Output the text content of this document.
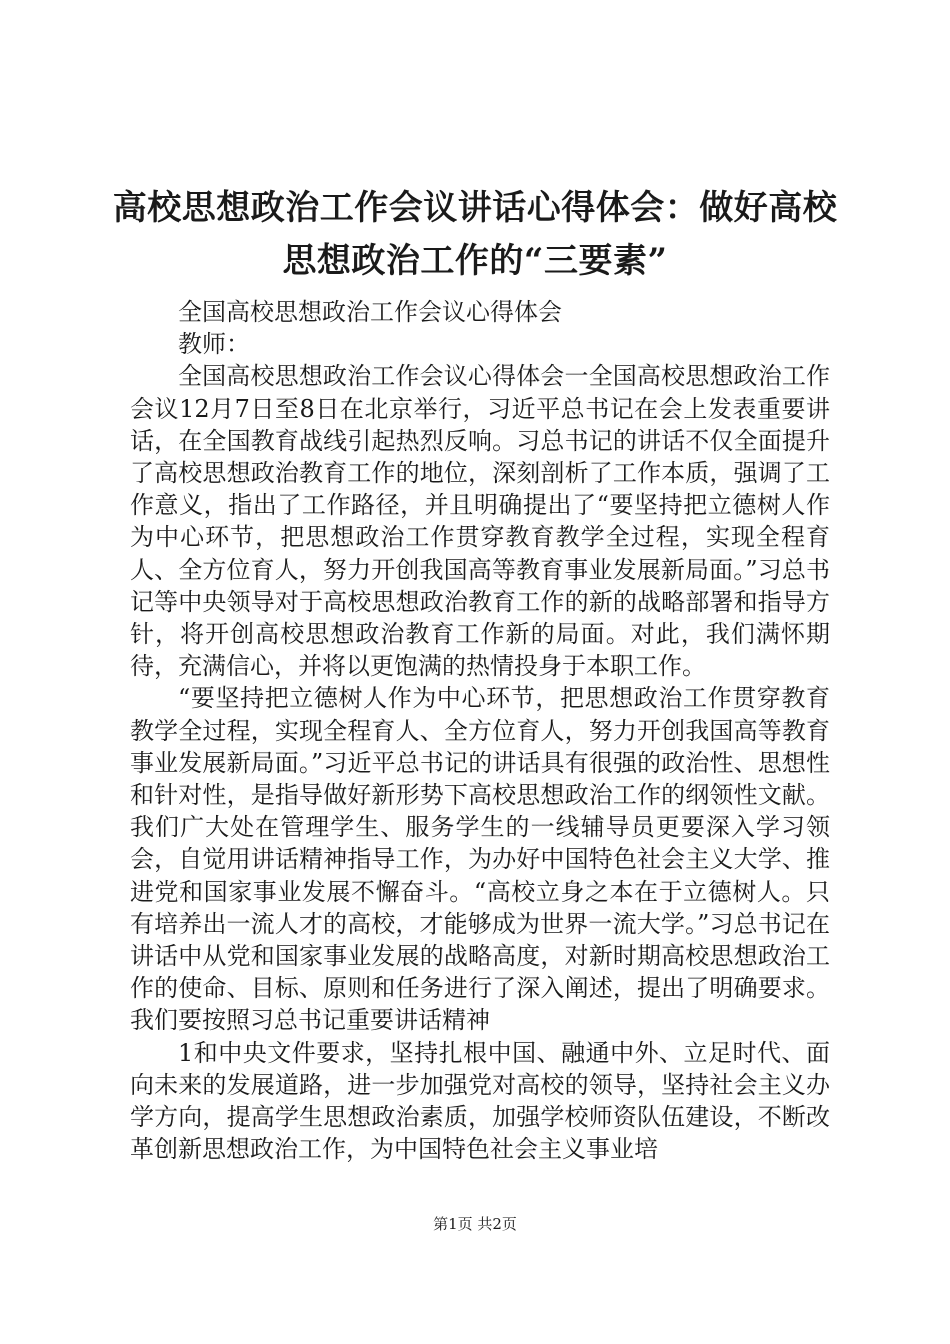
高校思想政治工作会议讲话心得体会：做好高校思想政治工作的“三要素”

全国高校思想政治工作会议心得体会

教师：

全国高校思想政治工作会议心得体会一全国高校思想政治工作会议12月7日至8日在北京举行，习近平总书记在会上发表重要讲话，在全国教育战线引起热烈反响。习总书记的讲话不仅全面提升了高校思想政治教育工作的地位，深刻剖析了工作本质，强调了工作意义，指出了工作路径，并且明确提出了“要坚持把立德树人作为中心环节，把思想政治工作贯穿教育教学全过程，实现全程育人、全方位育人，努力开创我国高等教育事业发展新局面。”习总书记等中央领导对于高校思想政治教育工作的新的战略部署和指导方针，将开创高校思想政治教育工作新的局面。对此，我们满怀期待，充满信心，并将以更饱满的热情投身于本职工作。

“要坚持把立德树人作为中心环节，把思想政治工作贯穿教育教学全过程，实现全程育人、全方位育人，努力开创我国高等教育事业发展新局面。”习近平总书记的讲话具有很强的政治性、思想性和针对性，是指导做好新形势下高校思想政治工作的纲领性文献。我们广大处在管理学生、服务学生的一线辅导员更要深入学习领会，自觉用讲话精神指导工作，为办好中国特色社会主义大学、推进党和国家事业发展不懈奋斗。“高校立身之本在于立德树人。只有培养出一流人才的高校，才能够成为世界一流大学。”习总书记在讲话中从党和国家事业发展的战略高度，对新时期高校思想政治工作的使命、目标、原则和任务进行了深入阐述，提出了明确要求。我们要按照习总书记重要讲话精神

1和中央文件要求，坚持扎根中国、融通中外、立足时代、面向未来的发展道路，进一步加强党对高校的领导，坚持社会主义办学方向，提高学生思想政治素质，加强学校师资队伍建设，不断改革创新思想政治工作，为中国特色社会主义事业培

第1页 共2页
